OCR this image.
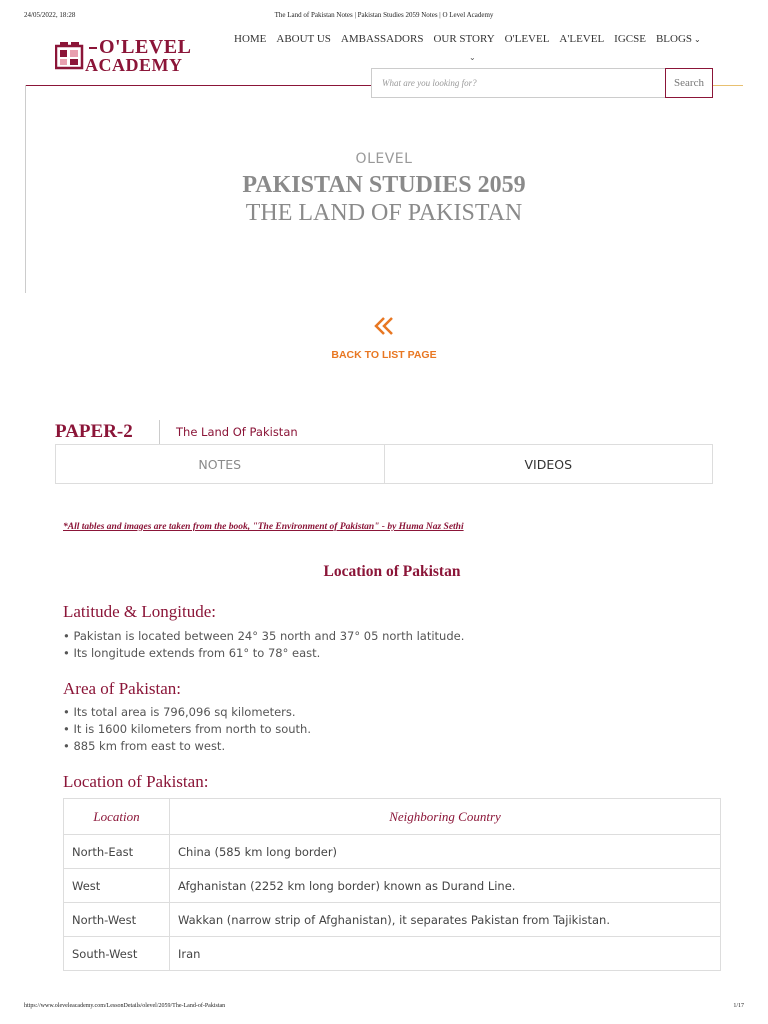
24/05/2022, 18:28	The Land of Pakistan Notes | Pakistan Studies 2059 Notes | O Level Academy
O'LEVEL
ACADEMY
HOME ABOUT US AMBASSADORS OUR STORY O'LEVEL A'LEVEL IGCSE BLOGS ⌄
⌄
What are you looking for?
Search
OLEVEL
PAKISTAN STUDIES 2059
THE LAND OF PAKISTAN
BACK TO LIST PAGE
PAPER-2	The Land Of Pakistan
NOTES	VIDEOS
*All tables and images are taken from the book, "The Environment of Pakistan" - by Huma Naz Sethi
Location of Pakistan
Latitude & Longitude:
• Pakistan is located between 24° 35 north and 37° 05 north latitude.
• Its longitude extends from 61° to 78° east.
Area of Pakistan:
• Its total area is 796,096 sq kilometers.
• It is 1600 kilometers from north to south.
• 885 km from east to west.
Location of Pakistan:
Location	Neighboring Country
North-East	China (585 km long border)
West	Afghanistan (2252 km long border) known as Durand Line.
North-West	Wakkan (narrow strip of Afghanistan), it separates Pakistan from Tajikistan.
South-West	Iran
https://www.oleveleacademy.com/LessonDetails/olevel/2059/The-Land-of-Pakistan	1/17
